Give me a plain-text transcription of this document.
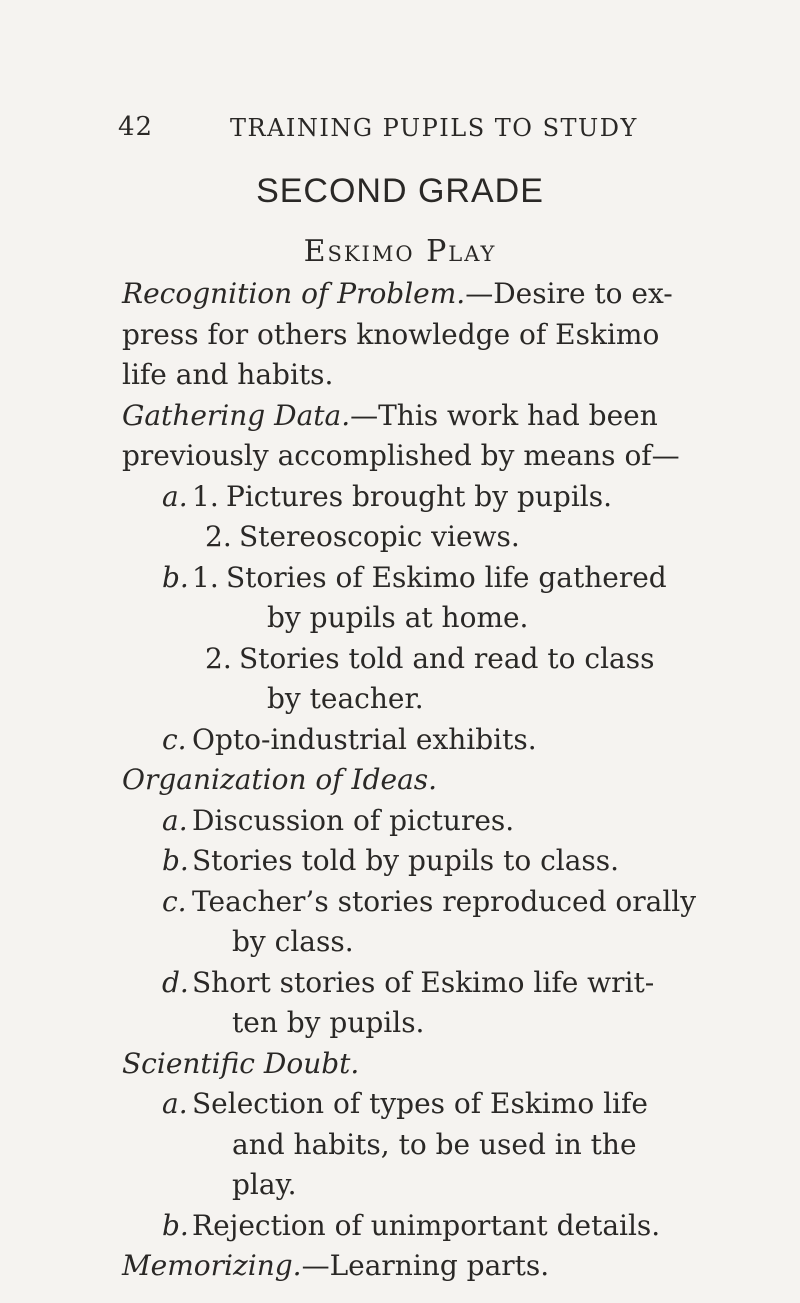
42	TRAINING PUPILS TO STUDY
SECOND GRADE
Eskimo Play

Recognition of Problem.—Desire to ex-

press for others knowledge of Eskimo

life and habits.

Gathering Data.—This work had been

previously accomplished by means of—

a. 1. Pictures brought by pupils.

2. Stereoscopic views.

b. 1. Stories of Eskimo life gathered

by pupils at home.

2. Stories told and read to class

by teacher.

c. Opto-industrial exhibits.

Organization of Ideas.

a. Discussion of pictures.

b. Stories told by pupils to class.

c. Teacher’s stories reproduced orally

by class.

d. Short stories of Eskimo life writ-

ten by pupils.

Scientific Doubt.

a. Selection of types of Eskimo life

and habits, to be used in the

play.

b. Rejection of unimportant details.

Memorizing.—Learning parts.
